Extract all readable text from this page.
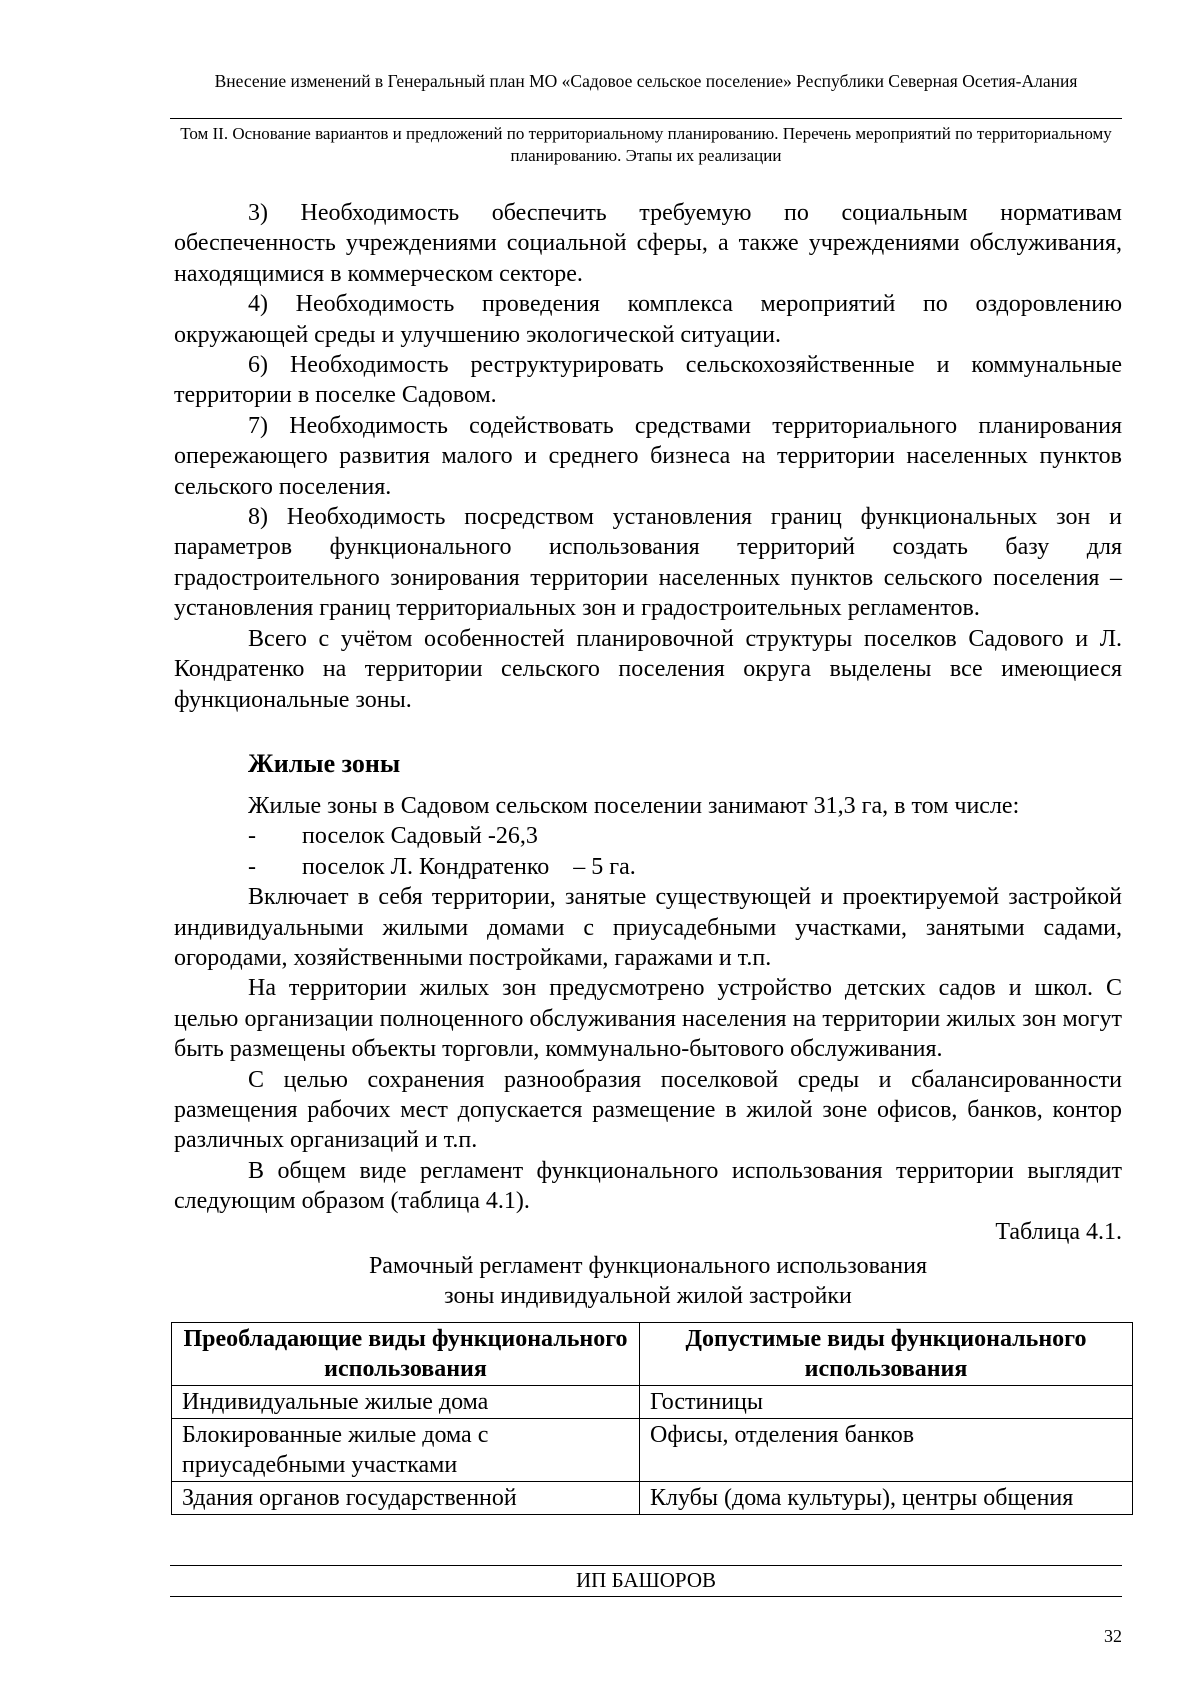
Внесение изменений в Генеральный план МО «Садовое сельское поселение» Республики Северная Осетия-Алания
Том II. Основание вариантов и предложений по территориальному планированию. Перечень мероприятий по территориальному планированию. Этапы их реализации

3) Необходимость обеспечить требуемую по социальным нормативам обеспеченность учреждениями социальной сферы, а также учреждениями обслуживания, находящимися в коммерческом секторе.

4) Необходимость проведения комплекса мероприятий по оздоровлению окружающей среды и улучшению экологической ситуации.

6) Необходимость реструктурировать сельскохозяйственные и коммунальные территории в поселке Садовом.

7) Необходимость содействовать средствами территориального планирования опережающего развития малого и среднего бизнеса на территории населенных пунктов сельского поселения.

8) Необходимость посредством установления границ функциональных зон и параметров функционального использования территорий создать базу для градостроительного зонирования территории населенных пунктов сельского поселения – установления границ территориальных зон и градостроительных регламентов.

Всего с учётом особенностей планировочной структуры поселков Садового и Л. Кондратенко на территории сельского поселения округа выделены все имеющиеся функциональные зоны.

Жилые зоны

Жилые зоны в Садовом сельском поселении занимают 31,3 га, в том числе:

- поселок Садовый -26,3
- поселок Л. Кондратенко    – 5 га.

Включает в себя территории, занятые существующей и проектируемой застройкой индивидуальными жилыми домами с приусадебными участками, занятыми садами, огородами, хозяйственными постройками, гаражами и т.п.

На территории жилых зон предусмотрено устройство детских садов и школ. С целью организации полноценного обслуживания населения на территории жилых зон могут быть размещены объекты торговли, коммунально-бытового обслуживания.

С целью сохранения разнообразия поселковой среды и сбалансированности размещения рабочих мест допускается размещение в жилой зоне офисов, банков, контор различных организаций и т.п.

В общем виде регламент функционального использования территории выглядит следующим образом (таблица 4.1).

Таблица 4.1.

Рамочный регламент функционального использования

зоны индивидуальной жилой застройки

Преобладающие виды функционального использования	Допустимые виды функционального использования
Индивидуальные жилые дома	Гостиницы
Блокированные жилые дома с приусадебными участками	Офисы, отделения банков
Здания органов государственной	Клубы (дома культуры), центры общения
ИП БАШОРОВ
32
